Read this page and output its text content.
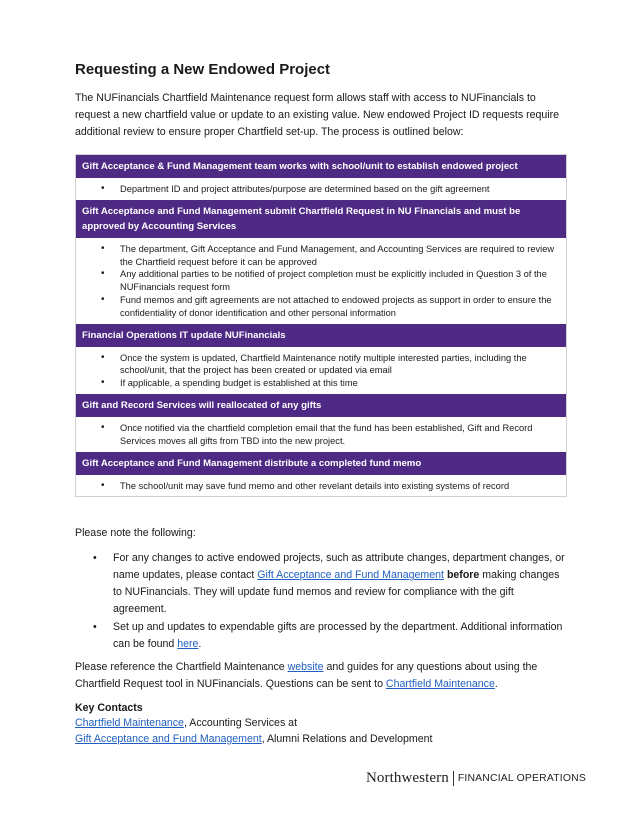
Requesting a New Endowed Project

The NUFinancials Chartfield Maintenance request form allows staff with access to NUFinancials to request a new chartfield value or update to an existing value. New endowed Project ID requests require additional review to ensure proper Chartfield set-up. The process is outlined below:

Gift Acceptance & Fund Management team works with school/unit to establish endowed project
• Department ID and project attributes/purpose are determined based on the gift agreement
Gift Acceptance and Fund Management submit Chartfield Request in NU Financials and must be approved by Accounting Services
• The department, Gift Acceptance and Fund Management, and Accounting Services are required to review the Chartfield request before it can be approved
• Any additional parties to be notified of project completion must be explicitly included in Question 3 of the NUFinancials request form
• Fund memos and gift agreements are not attached to endowed projects as support in order to ensure the confidentiality of donor identification and other personal information
Financial Operations IT update NUFinancials
• Once the system is updated, Chartfield Maintenance notify multiple interested parties, including the school/unit, that the project has been created or updated via email
• If applicable, a spending budget is established at this time
Gift and Record Services will reallocated of any gifts
• Once notified via the chartfield completion email that the fund has been established, Gift and Record Services moves all gifts from TBD into the new project.
Gift Acceptance and Fund Management distribute a completed fund memo
• The school/unit may save fund memo and other revelant details into existing systems of record

Please note the following:

• For any changes to active endowed projects, such as attribute changes, department changes, or name updates, please contact Gift Acceptance and Fund Management before making changes to NUFinancials. They will update fund memos and review for compliance with the gift agreement.
• Set up and updates to expendable gifts are processed by the department. Additional information can be found here.

Please reference the Chartfield Maintenance website and guides for any questions about using the Chartfield Request tool in NUFinancials. Questions can be sent to Chartfield Maintenance.

Key Contacts
Chartfield Maintenance, Accounting Services at
Gift Acceptance and Fund Management, Alumni Relations and Development
Northwestern FINANCIAL OPERATIONS
